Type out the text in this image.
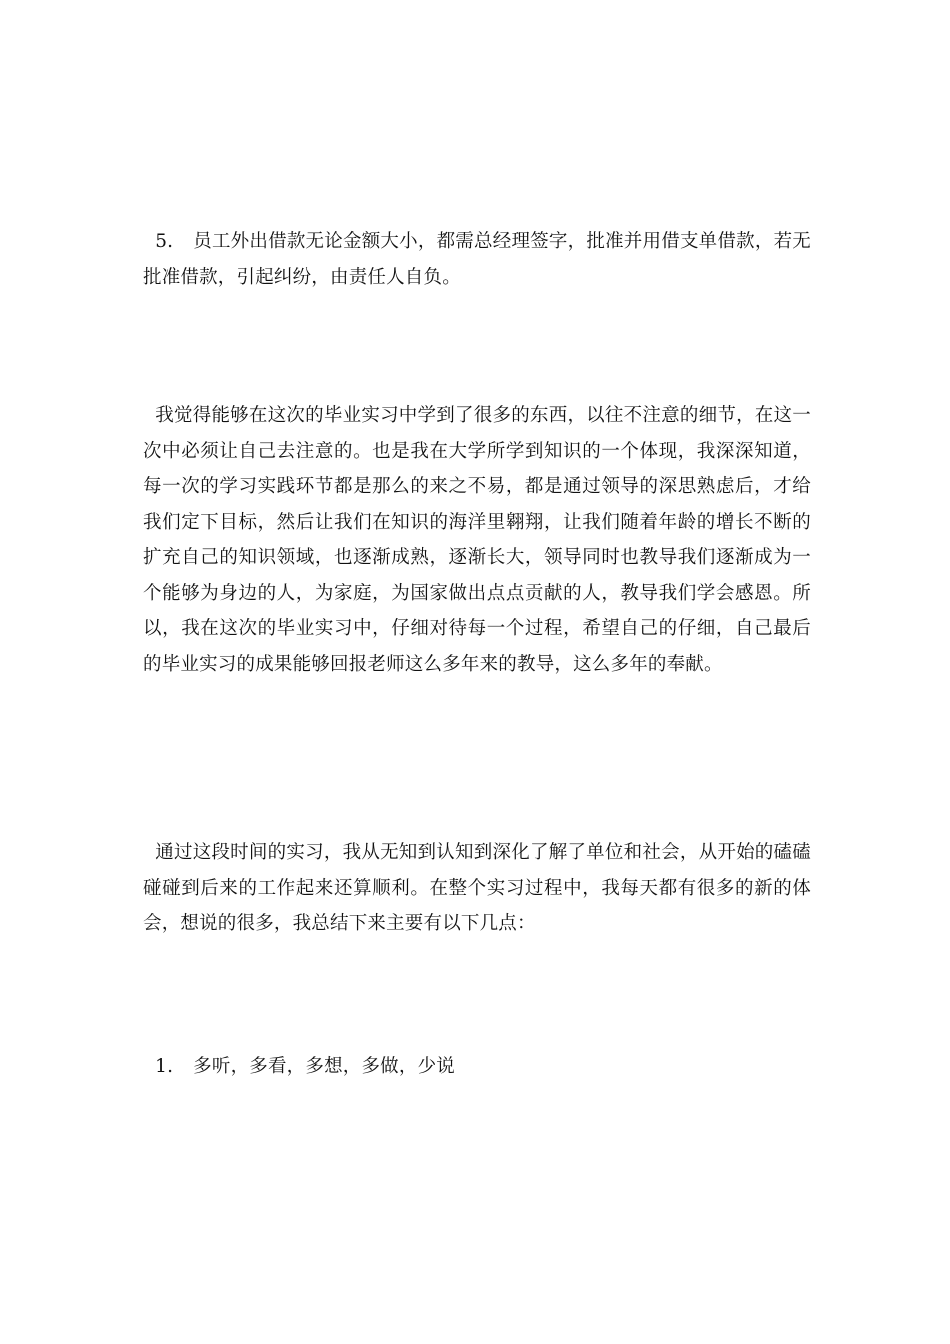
5. 员工外出借款无论金额大小，都需总经理签字，批准并用借支单借款，若无批准借款，引起纠纷，由责任人自负。

我觉得能够在这次的毕业实习中学到了很多的东西，以往不注意的细节，在这一次中必须让自己去注意的。也是我在大学所学到知识的一个体现，我深深知道，每一次的学习实践环节都是那么的来之不易，都是通过领导的深思熟虑后，才给我们定下目标，然后让我们在知识的海洋里翱翔，让我们随着年龄的增长不断的扩充自己的知识领域，也逐渐成熟，逐渐长大，领导同时也教导我们逐渐成为一个能够为身边的人，为家庭，为国家做出点点贡献的人，教导我们学会感恩。所以，我在这次的毕业实习中，仔细对待每一个过程，希望自己的仔细，自己最后的毕业实习的成果能够回报老师这么多年来的教导，这么多年的奉献。

通过这段时间的实习，我从无知到认知到深化了解了单位和社会，从开始的磕磕碰碰到后来的工作起来还算顺利。在整个实习过程中，我每天都有很多的新的体会，想说的很多，我总结下来主要有以下几点：

1. 多听，多看，多想，多做，少说
